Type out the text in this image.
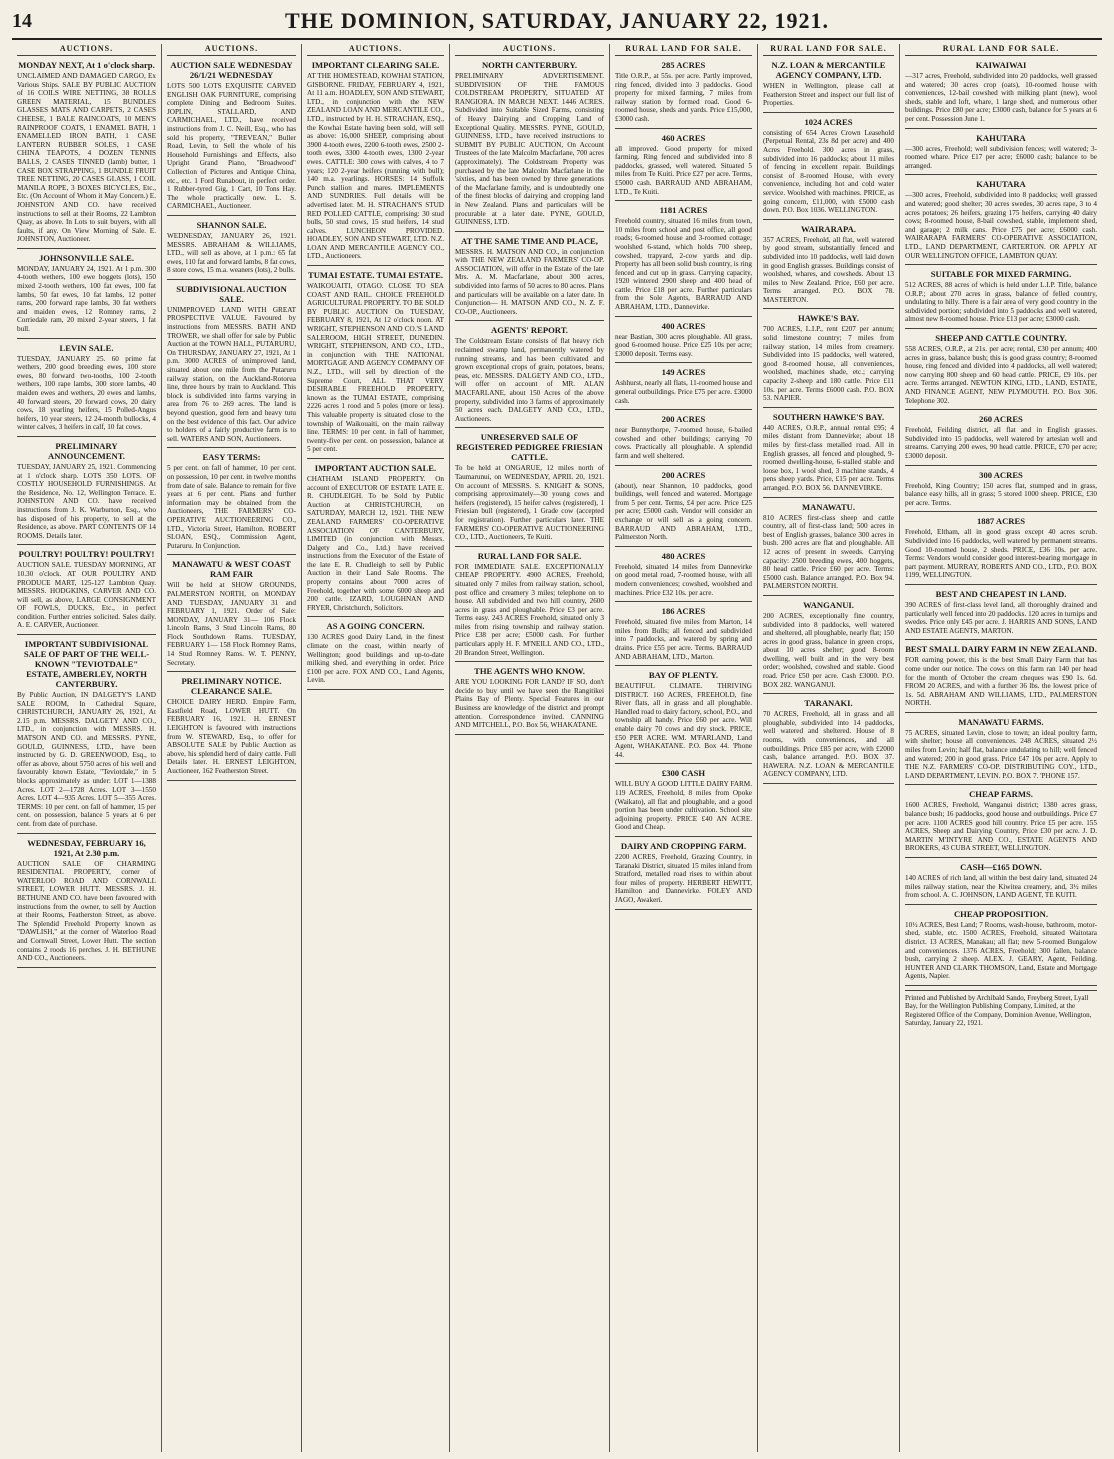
14	THE DOMINION, SATURDAY, JANUARY 22, 1921.
AUCTIONS.
MONDAY NEXT, At 1 o'clock sharp.
UNCLAIMED AND DAMAGED CARGO, Ex Various Ships. SALE BY PUBLIC AUCTION of 16 COILS WIRE NETTING, 38 ROLLS GREEN MATERIAL, 15 BUNDLES GLASSES MATS AND CARPETS, 2 CASES CHEESE, 1 BALE RAINCOATS, 10 MEN'S RAINPROOF COATS, 1 ENAMEL BATH, 1 ENAMELLED IRON BATH, 1 CASE LANTERN RUBBER SOLES, 1 CASE CHINA TEAPOTS, 4 DOZEN TENNIS BALLS, 2 CASES TINNED (lamb) butter, 1 CASE BOX STRAPPING, 1 BUNDLE FRUIT TREE NETTING, 20 CASES GLASS, 1 COIL MANILA ROPE, 3 BOXES BICYCLES, Etc., Etc. (On Account of Whom it May Concern.) E. JOHNSTON AND CO. have received instructions to sell at their Rooms, 22 Lambton Quay, as above. In Lots to suit buyers, with all faults, if any. On View Morning of Sale. E. JOHNSTON, Auctioneer.
JOHNSONVILLE SALE.
MONDAY, JANUARY 24, 1921. At 1 p.m. 300 4-tooth wethers, 100 ewe hoggets (lots), 150 mixed 2-tooth wethers, 100 fat ewes, 100 fat lambs, 50 fat ewes, 10 fat lambs, 12 potter rams, 200 forward rape lambs, 30 fat wethers and maiden ewes, 12 Romney rams, 2 Corriedale ram, 20 mixed 2-year steers, 1 fat bull.
LEVIN SALE.
TUESDAY, JANUARY 25. 60 prime fat wethers, 200 good breeding ewes, 100 store ewes, 80 forward two-tooths, 100 2-tooth wethers, 100 rape lambs, 300 store lambs, 40 maiden ewes and wethers, 20 ewes and lambs, 40 forward steers, 20 forward cows, 20 dairy cows, 18 yearling heifers, 15 Polled-Angus heifers, 10 year steers, 12 24-month bullocks, 4 winter calves, 3 heifers in calf, 10 fat cows.
PRELIMINARY ANNOUNCEMENT.
TUESDAY, JANUARY 25, 1921. Commencing at 1 o'clock sharp. LOTS 350 LOTS. OF COSTLY HOUSEHOLD FURNISHINGS. At the Residence, No. 12, Wellington Terrace. E. JOHNSTON AND CO. have received instructions from J. K. Warburton, Esq., who has disposed of his property, to sell at the Residence, as above. PART CONTENTS OF 14 ROOMS. Details later.
POULTRY! POULTRY! POULTRY!
AUCTION SALE. TUESDAY MORNING, AT 10.30 o'clock. AT OUR POULTRY AND PRODUCE MART, 125-127 Lambton Quay. MESSRS. HODGKINS, CARVER AND CO. will sell, as above, LARGE CONSIGNMENT OF FOWLS, DUCKS, Etc., in perfect condition. Further entries solicited. Sales daily. A. E. CARVER, Auctioneer.
IMPORTANT SUBDIVISIONAL SALE OF PART OF THE WELL-KNOWN "TEVIOTDALE" ESTATE, AMBERLEY, NORTH CANTERBURY.
By Public Auction, IN DALGETY'S LAND SALE ROOM, In Cathedral Square, CHRISTCHURCH, JANUARY 26, 1921, At 2.15 p.m. MESSRS. DALGETY AND CO., LTD., in conjunction with MESSRS. H. MATSON AND CO. and MESSRS. PYNE, GOULD, GUINNESS, LTD., have been instructed by G. D. GREENWOOD, Esq., to offer as above, about 5750 acres of his well and favourably known Estate, "Teviotdale," in 5 blocks approximately as under: LOT 1—1388 Acres. LOT 2—1728 Acres. LOT 3—1550 Acres. LOT 4—935 Acres. LOT 5—355 Acres. TERMS: 10 per cent. on fall of hammer, 15 per cent. on possession, balance 5 years at 6 per cent. from date of purchase.
WEDNESDAY, FEBRUARY 16, 1921, At 2.30 p.m.
AUCTION SALE OF CHARMING RESIDENTIAL PROPERTY, corner of WATERLOO ROAD AND CORNWALL STREET, LOWER HUTT. MESSRS. J. H. BETHUNE AND CO. have been favoured with instructions from the owner, to sell by Auction at their Rooms, Featherston Street, as above. The Splendid Freehold Property known as "DAWLISH," at the corner of Waterloo Road and Cornwall Street, Lower Hutt. The section contains 2 roods 16 perches. J. H. BETHUNE AND CO., Auctioneers.
AUCTIONS.
AUCTION SALE WEDNESDAY 26/1/21 WEDNESDAY
LOTS 500 LOTS EXQUISITE CARVED ENGLISH OAK FURNITURE, comprising complete Dining and Bedroom Suites. JOPLIN, STALLARD, AND CARMICHAEL, LTD., have received instructions from J. C. Neill, Esq., who has sold his property, "TREVEAN," Buller Road, Levin, to Sell the whole of his Household Furnishings and Effects, also Upright Grand Piano, "Broadwood" Collection of Pictures and Antique China, etc., etc. 1 Ford Runabout, in perfect order. 1 Rubber-tyred Gig, 1 Cart, 10 Tons Hay. The whole practically new. L. S. CARMICHAEL, Auctioneer.
SHANNON SALE.
WEDNESDAY, JANUARY 26, 1921. MESSRS. ABRAHAM & WILLIAMS, LTD., will sell as above, at 1 p.m.: 65 fat ewes, 110 fat and forward lambs, 8 fat cows, 8 store cows, 15 m.a. weaners (lots), 2 bulls.
SUBDIVISIONAL AUCTION SALE.
UNIMPROVED LAND WITH GREAT PROSPECTIVE VALUE. Favoured by instructions from MESSRS. BATH AND TROWER, we shall offer for sale by Public Auction at the TOWN HALL, PUTARURU, On THURSDAY, JANUARY 27, 1921, At 1 p.m. 3000 ACRES of unimproved land, situated about one mile from the Putaruru railway station, on the Auckland-Rotorua line, three hours by train to Auckland. This block is subdivided into farms varying in area from 76 to 269 acres. The land is beyond question, good fern and heavy tutu on the best evidence of this fact. Our advice to holders of a fairly productive farm is to sell. WATERS AND SON, Auctioneers.
EASY TERMS:
5 per cent. on fall of hammer, 10 per cent. on possession, 10 per cent. in twelve months from date of sale. Balance to remain for five years at 6 per cent. Plans and further information may be obtained from the Auctioneers, THE FARMERS' CO-OPERATIVE AUCTIONEERING CO., LTD., Victoria Street, Hamilton. ROBERT SLOAN, ESQ., Commission Agent, Putaruru. In Conjunction.
MANAWATU & WEST COAST RAM FAIR
Will be held at SHOW GROUNDS, PALMERSTON NORTH, on MONDAY AND TUESDAY, JANUARY 31 and FEBRUARY 1, 1921. Order of Sale: MONDAY, JANUARY 31— 106 Flock Lincoln Rams, 3 Stud Lincoln Rams, 80 Flock Southdown Rams. TUESDAY, FEBRUARY 1— 158 Flock Romney Rams, 14 Stud Romney Rams. W. T. PENNY, Secretary.
PRELIMINARY NOTICE. CLEARANCE SALE.
CHOICE DAIRY HERD. Empire Farm, Eastfield Road, LOWER HUTT. On FEBRUARY 16, 1921. H. ERNEST LEIGHTON is favoured with instructions from W. STEWARD, Esq., to offer for ABSOLUTE SALE by Public Auction as above, his splendid herd of dairy cattle. Full Details later. H. ERNEST LEIGHTON, Auctioneer, 162 Featherston Street.
AUCTIONS.
IMPORTANT CLEARING SALE.
AT THE HOMESTEAD, KOWHAI STATION, GISBORNE. FRIDAY, FEBRUARY 4, 1921, At 11 a.m. HOADLEY, SON AND STEWART, LTD., in conjunction with the NEW ZEALAND LOAN AND MERCANTILE CO., LTD., instructed by H. H. STRACHAN, ESQ., the Kowhai Estate having been sold, will sell as above: 16,000 SHEEP, comprising about 3900 4-tooth ewes, 2200 6-tooth ewes, 2500 2-tooth ewes, 3300 4-tooth ewes, 1300 2-year ewes. CATTLE: 300 cows with calves, 4 to 7 years; 120 2-year heifers (running with bull); 140 m.a. yearlings. HORSES: 14 Suffolk Punch stallion and mares. IMPLEMENTS AND SUNDRIES. Full details will be advertised later. M. H. STRACHAN'S STUD RED POLLED CATTLE, comprising: 30 stud bulls, 50 stud cows, 15 stud heifers, 14 stud calves. LUNCHEON PROVIDED. HOADLEY, SON AND STEWART, LTD. N.Z. LOAN AND MERCANTILE AGENCY CO., LTD., Auctioneers.
TUMAI ESTATE. TUMAI ESTATE.
WAIKOUAITI, OTAGO. CLOSE TO SEA COAST AND RAIL. CHOICE FREEHOLD AGRICULTURAL PROPERTY. TO BE SOLD BY PUBLIC AUCTION On TUESDAY, FEBRUARY 8, 1921, At 12 o'clock noon. AT WRIGHT, STEPHENSON AND CO.'S LAND SALEROOM, HIGH STREET, DUNEDIN. WRIGHT, STEPHENSON, AND CO., LTD., in conjunction with THE NATIONAL MORTGAGE AND AGENCY COMPANY OF N.Z., LTD., will sell by direction of the Supreme Court, ALL THAT VERY DESIRABLE FREEHOLD PROPERTY, known as the TUMAI ESTATE, comprising 2226 acres 1 rood and 5 poles (more or less). This valuable property is situated close to the township of Waikouaiti, on the main railway line. TERMS: 10 per cent. in fall of hammer, twenty-five per cent. on possession, balance at 5 per cent.
IMPORTANT AUCTION SALE.
CHATHAM ISLAND PROPERTY. On account of EXECUTOR OF ESTATE LATE E. R. CHUDLEIGH. To be Sold by Public Auction at CHRISTCHURCH, on SATURDAY, MARCH 12, 1921. THE NEW ZEALAND FARMERS' CO-OPERATIVE ASSOCIATION OF CANTERBURY, LIMITED (in conjunction with Messrs. Dalgety and Co., Ltd.) have received instructions from the Executor of the Estate of the late E. R. Chudleigh to sell by Public Auction in their Land Sale Rooms. The property contains about 7000 acres of Freehold, together with some 6000 sheep and 200 cattle. IZARD, LOUGHNAN AND FRYER, Christchurch, Solicitors.
AS A GOING CONCERN.
130 ACRES good Dairy Land, in the finest climate on the coast, within nearly of Wellington; good buildings and up-to-date milking shed, and everything in order. Price £100 per acre. FOX AND CO., Land Agents, Levin.
AUCTIONS.
NORTH CANTERBURY.
PRELIMINARY ADVERTISEMENT. SUBDIVISION OF THE FAMOUS COLDSTREAM PROPERTY, SITUATED AT RANGIORA. IN MARCH NEXT. 1446 ACRES. Subdivided into Suitable Sized Farms, consisting of Heavy Dairying and Cropping Land of Exceptional Quality. MESSRS. PYNE, GOULD, GUINNESS, LTD., have received instructions to SUBMIT BY PUBLIC AUCTION, On Account Trustees of the late Malcolm Macfarlane, 700 acres (approximately). The Coldstream Property was purchased by the late Malcolm Macfarlane in the 'sixties, and has been owned by three generations of the Macfarlane family, and is undoubtedly one of the finest blocks of dairying and cropping land in New Zealand. Plans and particulars will be procurable at a later date. PYNE, GOULD, GUINNESS, LTD.
AT THE SAME TIME AND PLACE,
MESSRS. H. MATSON AND CO., in conjunction with THE NEW ZEALAND FARMERS' CO-OP. ASSOCIATION, will offer in the Estate of the late Mrs. A. M. Macfarlane, about 300 acres, subdivided into farms of 50 acres to 80 acres. Plans and particulars will be available on a later date. In Conjunction— H. MATSON AND CO., N. Z. F. CO-OP., Auctioneers.
AGENTS' REPORT.
The Coldstream Estate consists of flat heavy rich reclaimed swamp land, permanently watered by running streams, and has been cultivated and grown exceptional crops of grain, potatoes, beans, peas, etc. MESSRS. DALGETY AND CO., LTD., will offer on account of MR. ALAN MACFARLANE, about 150 Acres of the above property, subdivided into 3 farms of approximately 50 acres each. DALGETY AND CO., LTD., Auctioneers.
UNRESERVED SALE OF REGISTERED PEDIGREE FRIESIAN CATTLE.
To be held at ONGARUE, 12 miles north of Taumarunui, on WEDNESDAY, APRIL 20, 1921. On account of MESSRS. S. KNIGHT & SONS, comprising approximately—30 young cows and heifers (registered), 15 heifer calves (registered), 1 Friesian bull (registered), 1 Grade cow (accepted for registration). Further particulars later. THE FARMERS' CO-OPERATIVE AUCTIONEERING CO., LTD., Auctioneers, Te Kuiti.
RURAL LAND FOR SALE.
FOR IMMEDIATE SALE. EXCEPTIONALLY CHEAP PROPERTY. 4900 ACRES, Freehold, situated only 7 miles from railway station, school, post office and creamery 3 miles; telephone on to house. All subdivided and two hill country, 2600 acres in grass and ploughable. Price £3 per acre. Terms easy. 243 ACRES Freehold, situated only 3 miles from rising township and railway station. Price £38 per acre; £5000 cash. For further particulars apply H. F. M'NEILL AND CO., LTD., 20 Brandon Street, Wellington.
THE AGENTS WHO KNOW.
ARE YOU LOOKING FOR LAND? IF SO, don't decide to buy until we have seen the Rangitikei Plains Bay of Plenty. Special Features in our Business are knowledge of the district and prompt attention. Correspondence invited. CANNING AND MITCHELL, P.O. Box 56, WHAKATANE.
RURAL LAND FOR SALE.
285 ACRES
Title O.R.P., at 55s. per acre. Partly improved, ring fenced, divided into 3 paddocks. Good property for mixed farming, 7 miles from railway station by formed road. Good 6-roomed house, sheds and yards. Price £15,000, £3000 cash.
460 ACRES
all improved. Good property for mixed farming. Ring fenced and subdivided into 8 paddocks, grassed, well watered. Situated 5 miles from Te Kuiti. Price £27 per acre. Terms, £5000 cash. BARRAUD AND ABRAHAM, LTD., Te Kuiti.
1181 ACRES
Freehold country, situated 16 miles from town, 10 miles from school and post office, all good roads; 6-roomed house and 3-roomed cottage; woolshed 6-stand, which holds 700 sheep, cowshed, trapyard, 2-cow yards and dip. Property has all been solid bush country, is ring fenced and cut up in grass. Carrying capacity, 1920 wintered 2900 sheep and 400 head of cattle. Price £18 per acre. Further particulars from the Sole Agents, BARRAUD AND ABRAHAM, LTD., Dannevirke.
400 ACRES
near Bastian, 300 acres ploughable. All grass, good 6-roomed house. Price £25 10s per acre; £3000 deposit. Terms easy.
149 ACRES
Ashhurst, nearly all flats, 11-roomed house and general outbuildings. Price £75 per acre. £3000 cash.
200 ACRES
near Bunnythorpe, 7-roomed house, 6-bailed cowshed and other buildings; carrying 70 cows. Practically all ploughable. A splendid farm and well sheltered.
200 ACRES
(about), near Shannon, 10 paddocks, good buildings, well fenced and watered. Mortgage from 5 per cent. Terms, £4 per acre. Price £25 per acre; £5000 cash. Vendor will consider an exchange or will sell as a going concern. BARRAUD AND ABRAHAM, LTD., Palmerston North.
480 ACRES
Freehold, situated 14 miles from Dannevirke on good metal road, 7-roomed house, with all modern conveniences; cowshed, woolshed and machines. Price £32 10s. per acre.
186 ACRES
Freehold, situated five miles from Marton, 14 miles from Bulls; all fenced and subdivided into 7 paddocks, and watered by spring and drains. Price £55 per acre. Terms. BARRAUD AND ABRAHAM, LTD., Marton.
BAY OF PLENTY.
BEAUTIFUL CLIMATE. THRIVING DISTRICT. 160 ACRES, FREEHOLD, fine River flats, all in grass and all ploughable. Handled road to dairy factory, school, P.O., and township all handy. Price £60 per acre. Will enable dairy 70 cows and dry stock. PRICE, £50 PER ACRE. WM. M'FARLAND, Land Agent, WHAKATANE. P.O. Box 44. 'Phone 44.
£300 CASH
WILL BUY A GOOD LITTLE DAIRY FARM. 119 ACRES, Freehold, 8 miles from Opoke (Waikato), all flat and ploughable, and a good portion has been under cultivation. School site adjoining property. PRICE £40 AN ACRE. Good and Cheap.
DAIRY AND CROPPING FARM.
2200 ACRES, Freehold, Grazing Country, in Taranaki District, situated 15 miles inland from Stratford, metalled road rises to within about four miles of property. HERBERT HEWITT, Hamilton and Dannevirke. FOLEY AND JAGO, Awakeri.
RURAL LAND FOR SALE.
N.Z. LOAN & MERCANTILE AGENCY COMPANY, LTD.
WHEN in Wellington, please call at Featherston Street and inspect our full list of Properties.
1024 ACRES
consisting of 654 Acres Crown Leasehold (Perpetual Rental, 23s 8d per acre) and 400 Acres Freehold. 300 acres in grass, subdivided into 16 paddocks; about 11 miles of fencing in excellent repair. Buildings consist of 8-roomed House, with every convenience, including hot and cold water service. Woolshed with machines. PRICE, as going concern, £11,000, with £5000 cash down. P.O. Box 1036. WELLINGTON.
WAIRARAPA.
357 ACRES, Freehold, all flat, well watered by good stream, substantially fenced and subdivided into 10 paddocks, well laid down in good English grasses. Buildings consist of woolshed, whares, and cowsheds. About 13 miles to New Zealand. Price, £60 per acre. Terms arranged. P.O. BOX 78. MASTERTON.
HAWKE'S BAY.
700 ACRES, L.I.P., rent £207 per annum; solid limestone country; 7 miles from railway station, 14 miles from creamery. Subdivided into 15 paddocks, well watered, good 8-roomed house, all conveniences, woolshed, machines shade, etc.; carrying capacity 2-sheep and 180 cattle. Price £11 10s. per acre. Terms £6000 cash. P.O. BOX 53. NAPIER.
SOUTHERN HAWKE'S BAY.
440 ACRES, O.R.P., annual rental £95; 4 miles distant from Dannevirke; about 18 miles by first-class metalled road. All in English grasses, all fenced and ploughed, 9-roomed dwelling-house, 6-stalled stable and loose box, 1 wool shed, 3 machine stands, 4 pens sheep yards. Price, £15 per acre. Terms arranged. P.O. BOX 56. DANNEVIRKE.
MANAWATU.
810 ACRES first-class sheep and cattle country, all of first-class land; 500 acres in best of English grasses, balance 300 acres in bush. 200 acres are flat and ploughable. All 12 acres of present in sweeds. Carrying capacity: 2500 breeding ewes, 400 hoggets, 80 head cattle. Price £60 per acre. Terms: £5000 cash. Balance arranged. P.O. Box 94. PALMERSTON NORTH.
WANGANUI.
200 ACRES, exceptionally fine country, subdivided into 8 paddocks, well watered and sheltered, all ploughable, nearly flat; 150 acres in good grass, balance in green crops, about 10 acres shelter; good 8-room dwelling, well built and in the very best order; woolshed, cowshed and stable. Good road. Price £50 per acre. Cash £3000. P.O. BOX 282. WANGANUI.
TARANAKI.
70 ACRES, Freehold, all in grass and all ploughable, subdivided into 14 paddocks, well watered and sheltered. House of 8 rooms, with conveniences, and all outbuildings. Price £85 per acre, with £2000 cash, balance arranged. P.O. BOX 37. HAWERA. N.Z. LOAN & MERCANTILE AGENCY COMPANY, LTD.
RURAL LAND FOR SALE.
KAIWAIWAI
—317 acres, Freehold, subdivided into 20 paddocks, well grassed and watered; 30 acres crop (oats), 10-roomed house with conveniences, 12-bail cowshed with milking plant (new), wool sheds, stable and loft, whare, 1 large shed, and numerous other buildings. Price £80 per acre; £3000 cash, balance for 5 years at 6 per cent. Possession June 1.
KAHUTARA
—300 acres, Freehold; well subdivision fences; well watered; 3-roomed whare. Price £17 per acre; £6000 cash; balance to be arranged.
KAHUTARA
—300 acres, Freehold, subdivided into 8 paddocks; well grassed and watered; good shelter; 30 acres swedes, 30 acres rape, 3 to 4 acres potatoes; 26 heifers, grazing 175 heifers, carrying 40 dairy cows; 8-roomed house, 8-bail cowshed, stable, implement shed, and garage; 2 milk cans. Price £75 per acre; £6000 cash. WAIRARAPA FARMERS' CO-OPERATIVE ASSOCIATION, LTD., LAND DEPARTMENT, CARTERTON. OR APPLY AT OUR WELLINGTON OFFICE, LAMBTON QUAY.
SUITABLE FOR MIXED FARMING.
512 ACRES, 88 acres of which is held under L.I.P. Title, balance O.R.P.; about 270 acres in grass, balance of felled country, undulating to hilly. There is a fair area of very good country in the subdivided portion; subdivided into 5 paddocks and well watered, almost new 8-roomed house. Price £13 per acre; £3000 cash.
SHEEP AND CATTLE COUNTRY.
558 ACRES, O.R.P., at 21s. per acre; rental, £30 per annum; 400 acres in grass, balance bush; this is good grass country; 8-roomed house, ring fenced and divided into 4 paddocks, all well watered; now carrying 800 sheep and 60 head cattle. PRICE, £9 10s. per acre. Terms arranged. NEWTON KING, LTD., LAND, ESTATE, AND FINANCE AGENT, NEW PLYMOUTH. P.O. Box 306. Telephone 302.
260 ACRES
Freehold, Feilding district, all flat and in English grasses. Subdivided into 15 paddocks, well watered by artesian well and streams. Carrying 200 ewes, 90 head cattle. PRICE, £70 per acre; £3000 deposit.
300 ACRES
Freehold, King Country; 150 acres flat, stumped and in grass, balance easy hills, all in grass; 5 stored 1000 sheep. PRICE, £30 per acre. Terms.
1887 ACRES
Freehold, Eltham, all in good grass except 40 acres scrub. Subdivided into 16 paddocks, well watered by permanent streams. Good 10-roomed house, 2 sheds. PRICE, £36 10s. per acre. Terms: Vendors would consider good interest-bearing mortgage in part payment. MURRAY, ROBERTS AND CO., LTD., P.O. BOX 1199, WELLINGTON.
BEST AND CHEAPEST IN LAND.
390 ACRES of first-class level land, all thoroughly drained and particularly well fenced into 20 paddocks. 120 acres in turnips and swedes. Price only £45 per acre. J. HARRIS AND SONS, LAND AND ESTATE AGENTS, MARTON.
BEST SMALL DAIRY FARM IN NEW ZEALAND.
FOR earning power, this is the best Small Dairy Farm that has come under our notice. The cows on this farm ran 140 per head for the month of October the cream cheques was £90 1s. 6d. FROM 20 ACRES, and with a further 36 lbs. the lowest price of 1s. 5d. ABRAHAM AND WILLIAMS, LTD., PALMERSTON NORTH.
MANAWATU FARMS.
75 ACRES, situated Levin, close to town; an ideal poultry farm, with shelter; house all conveniences. 248 ACRES, situated 2½ miles from Levin; half flat, balance undulating to hill; well fenced and watered; 200 in good grass. Price £47 10s per acre. Apply to THE N.Z. FARMERS' CO-OP. DISTRIBUTING COY., LTD., LAND DEPARTMENT, LEVIN. P.O. BOX 7. 'PHONE 157.
CHEAP FARMS.
1600 ACRES, Freehold, Wanganui district; 1380 acres grass, balance bush; 16 paddocks, good house and outbuildings. Price £7 per acre. 1100 ACRES good hill country. Price £5 per acre. 155 ACRES, Sheep and Dairying Country, Price £30 per acre. J. D. MARTIN M'INTYRE AND CO., ESTATE AGENTS AND BROKERS, 43 CUBA STREET, WELLINGTON.
CASH—£165 DOWN.
140 ACRES of rich land, all within the best dairy land, situated 24 miles railway station, near the Kiwitea creamery, and, 3½ miles from school. A. C. JOHNSON, LAND AGENT, TE KUITI.
CHEAP PROPOSITION.
10½ ACRES, Best Land; 7 Rooms, wash-house, bathroom, motor-shed, stable, etc. 1500 ACRES, Freehold, situated Waitotara district. 13 ACRES, Manakau; all flat; new 5-roomed Bungalow and conveniences. 1376 ACRES, Freehold; 300 fallen, balance bush, carrying 2 sheep. ALEX. J. GEARY, Agent, Feilding. HUNTER AND CLARK THOMSON, Land, Estate and Mortgage Agents, Napier.
Printed and Published by Archibald Sando, Freyberg Street, Lyall Bay, for the Wellington Publishing Company, Limited, at the Registered Office of the Company, Dominion Avenue, Wellington, Saturday, January 22, 1921.
